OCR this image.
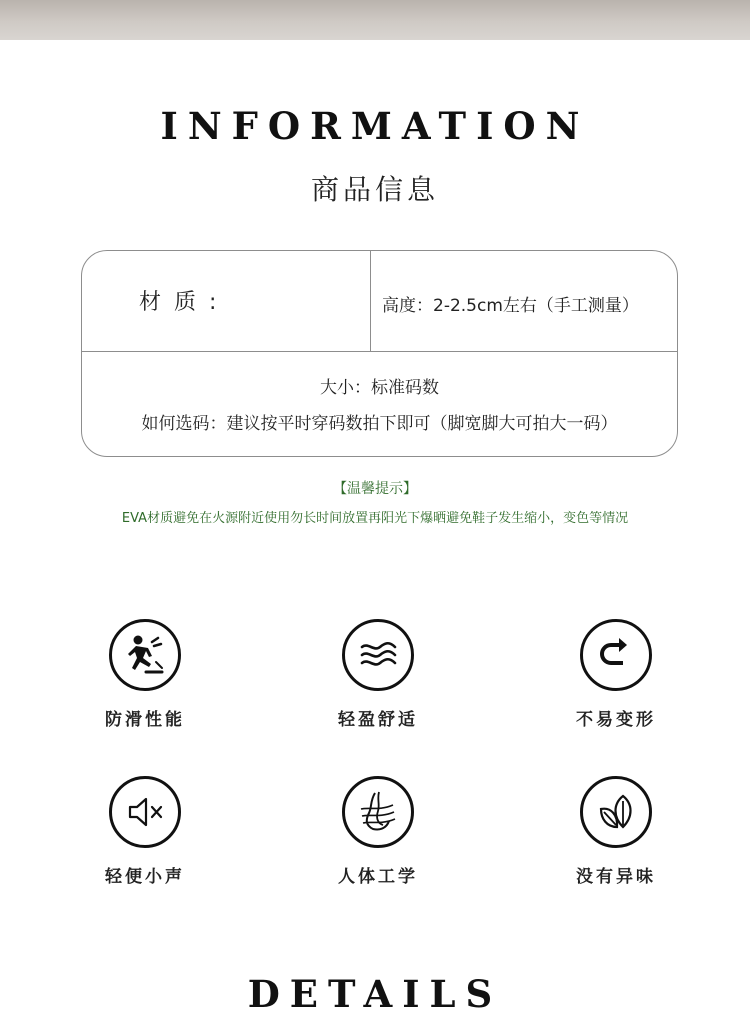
INFORMATION
商品信息
材 质 :	高度：2-2.5cm左右（手工测量）
大小：标准码数
如何选码：建议按平时穿码数拍下即可（脚宽脚大可拍大一码）
【温馨提示】
EVA材质避免在火源附近使用勿长时间放置再阳光下爆晒避免鞋子发生缩小，变色等情况
防滑性能	轻盈舒适	不易变形
轻便小声	人体工学	没有异味
DETAILS
